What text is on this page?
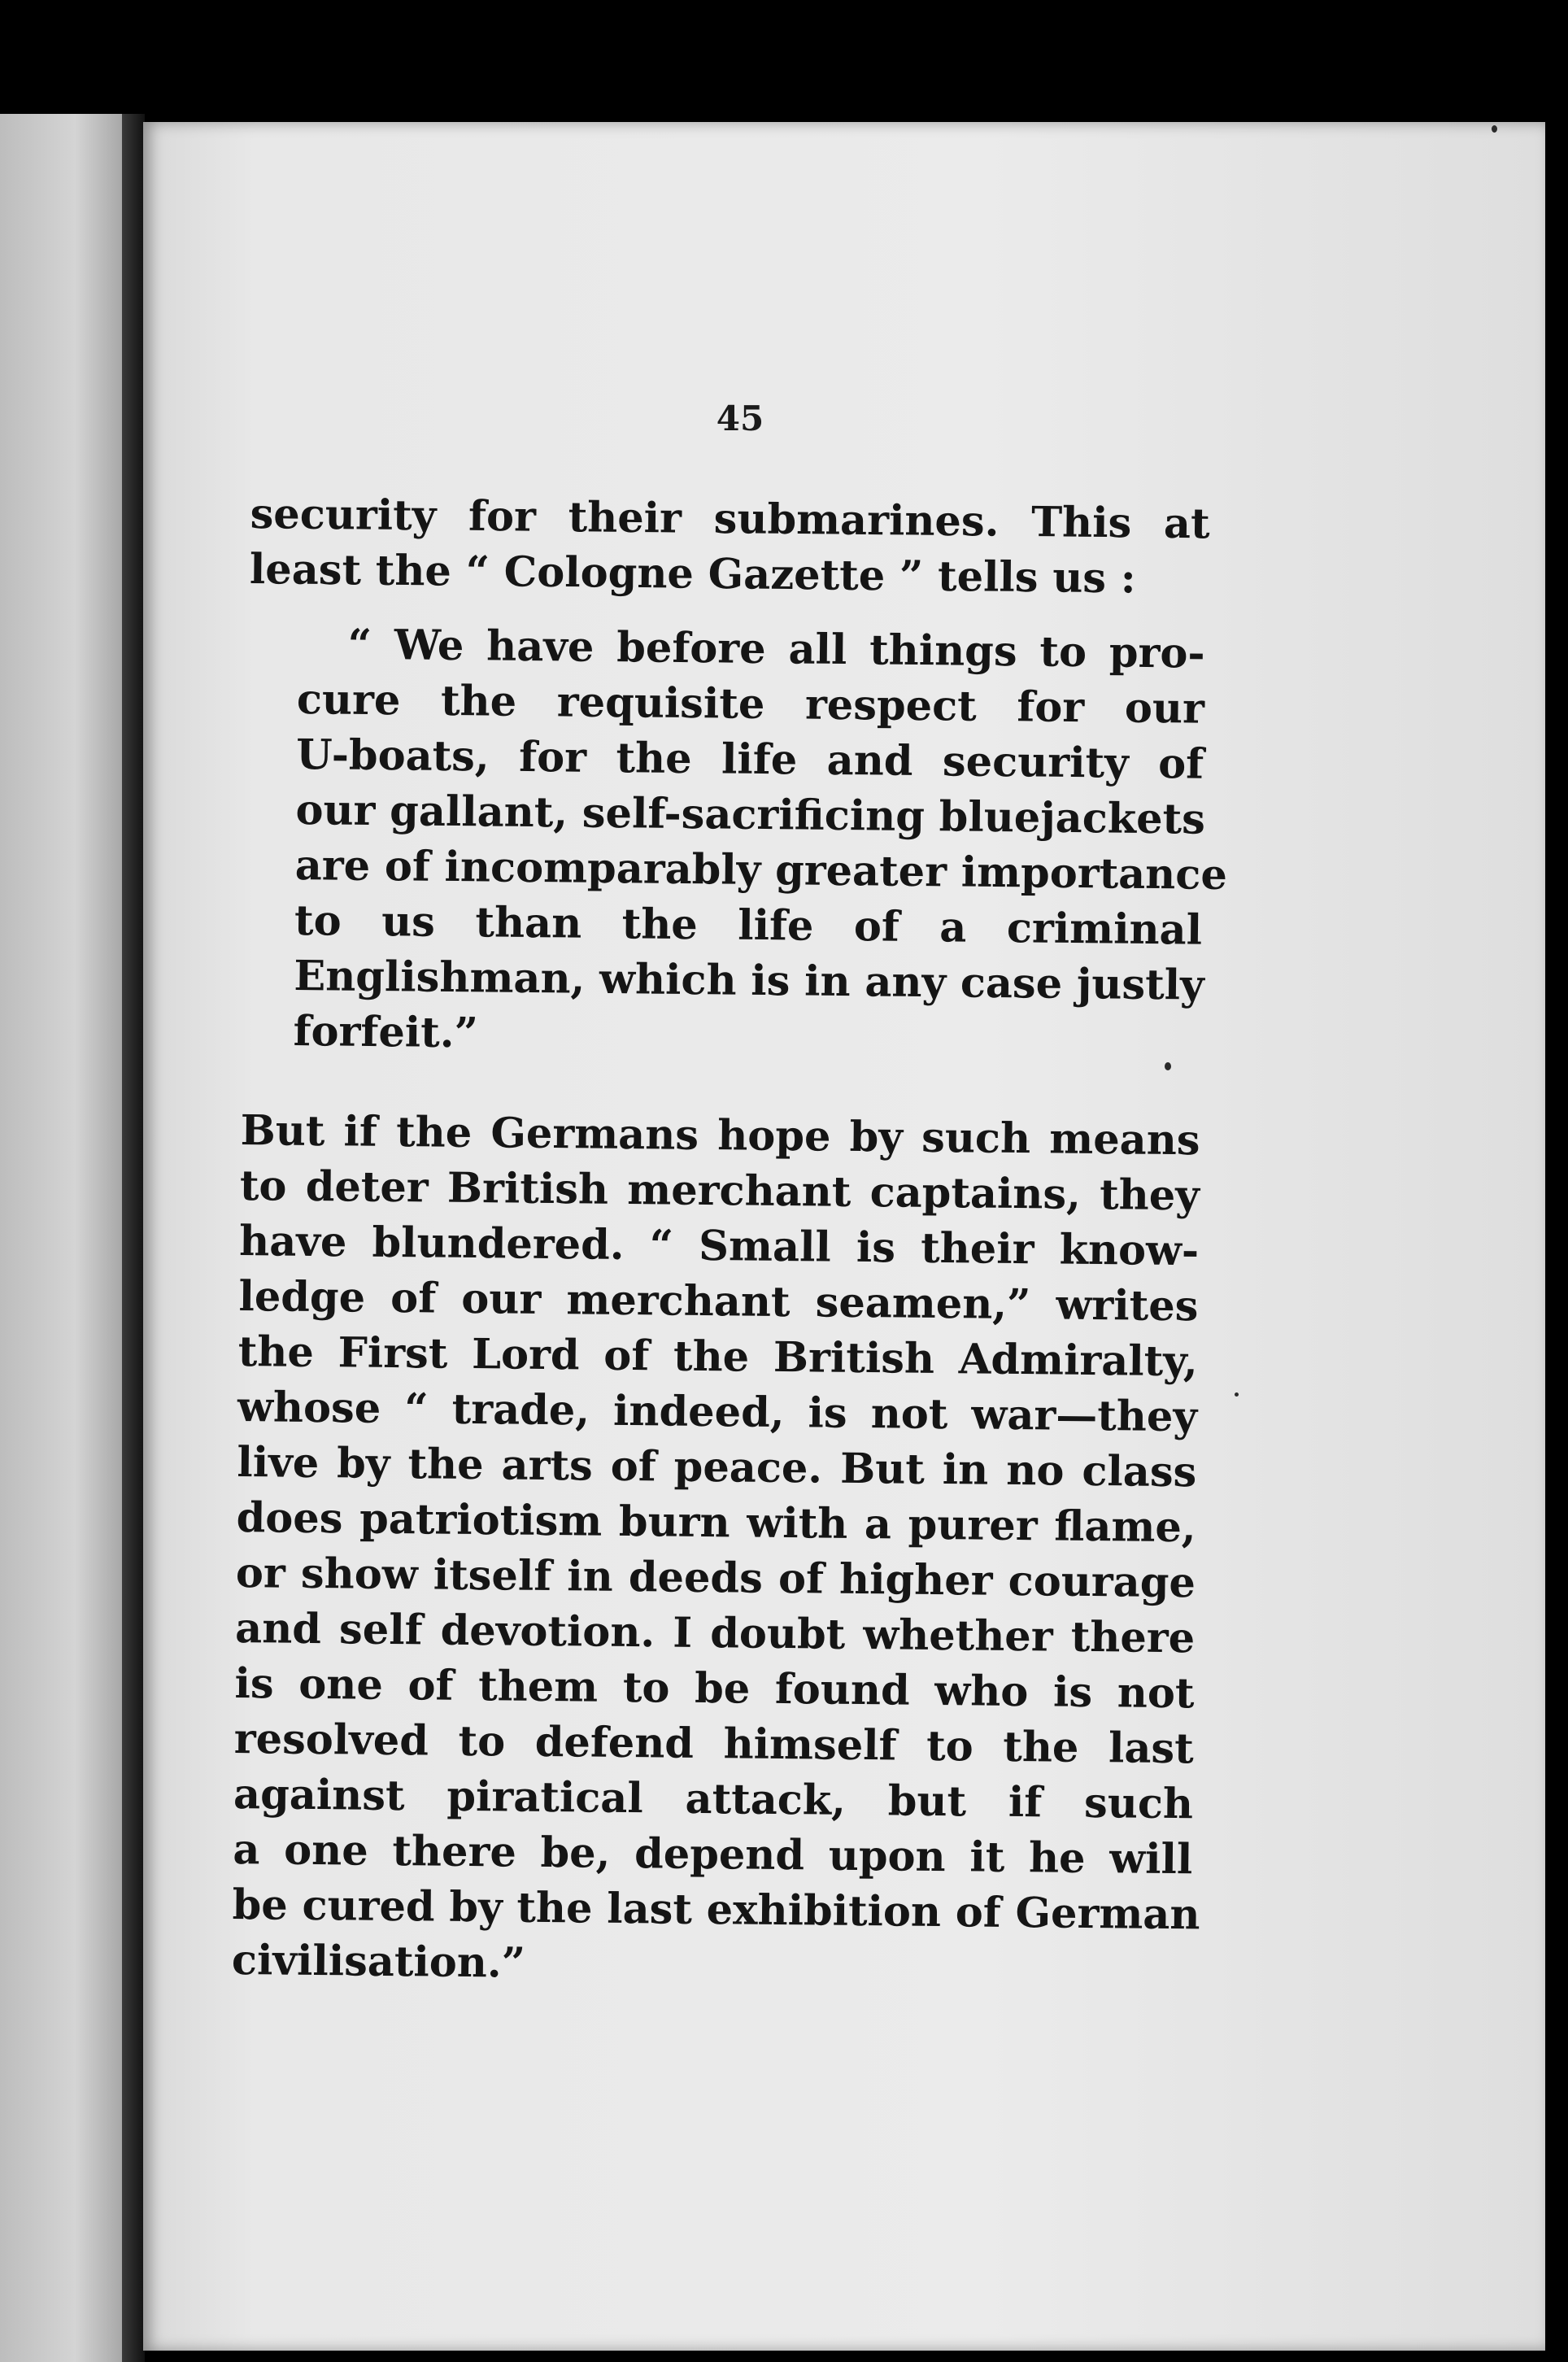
45
security for their submarines. This at
least the “ Cologne Gazette ” tells us :
“ We have before all things to pro-
cure the requisite respect for our
U-boats, for the life and security of
our gallant, self-sacrificing bluejackets
are of incomparably greater importance
to us than the life of a criminal
Englishman, which is in any case justly
forfeit.”
But if the Germans hope by such means
to deter British merchant captains, they
have blundered. “ Small is their know-
ledge of our merchant seamen,” writes
the First Lord of the British Admiralty,
whose “ trade, indeed, is not war—they
live by the arts of peace. But in no class
does patriotism burn with a purer flame,
or show itself in deeds of higher courage
and self devotion. I doubt whether there
is one of them to be found who is not
resolved to defend himself to the last
against piratical attack, but if such
a one there be, depend upon it he will
be cured by the last exhibition of German
civilisation.”
